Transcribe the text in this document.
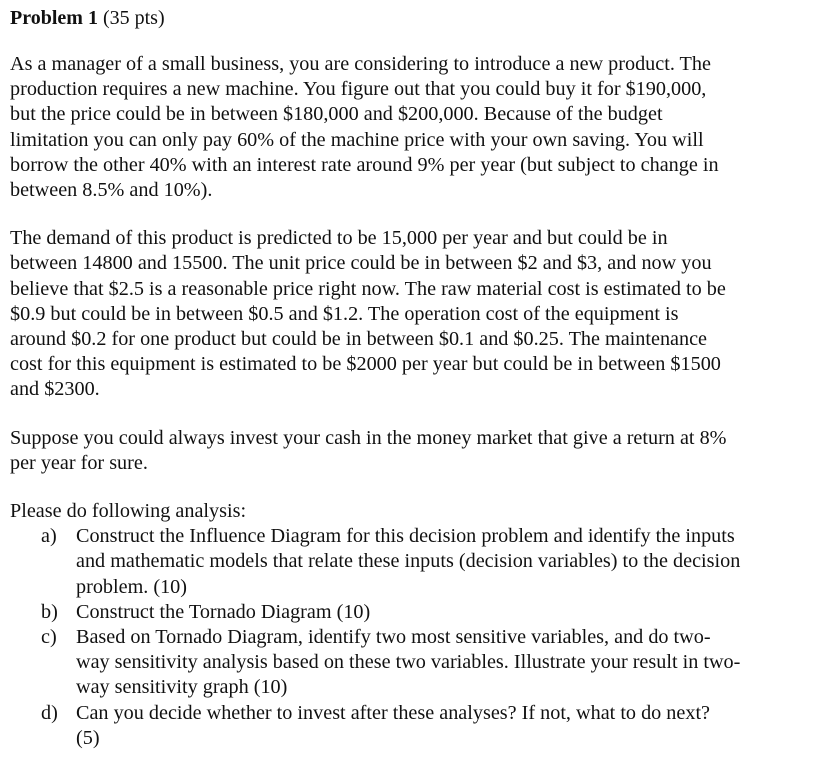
Problem 1 (35 pts)
As a manager of a small business, you are considering to introduce a new product. The
production requires a new machine. You figure out that you could buy it for $190,000,
but the price could be in between $180,000 and $200,000. Because of the budget
limitation you can only pay 60% of the machine price with your own saving. You will
borrow the other 40% with an interest rate around 9% per year (but subject to change in
between 8.5% and 10%).
The demand of this product is predicted to be 15,000 per year and but could be in
between 14800 and 15500. The unit price could be in between $2 and $3, and now you
believe that $2.5 is a reasonable price right now. The raw material cost is estimated to be
$0.9 but could be in between $0.5 and $1.2. The operation cost of the equipment is
around $0.2 for one product but could be in between $0.1 and $0.25. The maintenance
cost for this equipment is estimated to be $2000 per year but could be in between $1500
and $2300.
Suppose you could always invest your cash in the money market that give a return at 8%
per year for sure.
Please do following analysis:
a) Construct the Influence Diagram for this decision problem and identify the inputs
and mathematic models that relate these inputs (decision variables) to the decision
problem. (10)
b) Construct the Tornado Diagram (10)
c) Based on Tornado Diagram, identify two most sensitive variables, and do two-
way sensitivity analysis based on these two variables. Illustrate your result in two-
way sensitivity graph (10)
d) Can you decide whether to invest after these analyses? If not, what to do next?
(5)
